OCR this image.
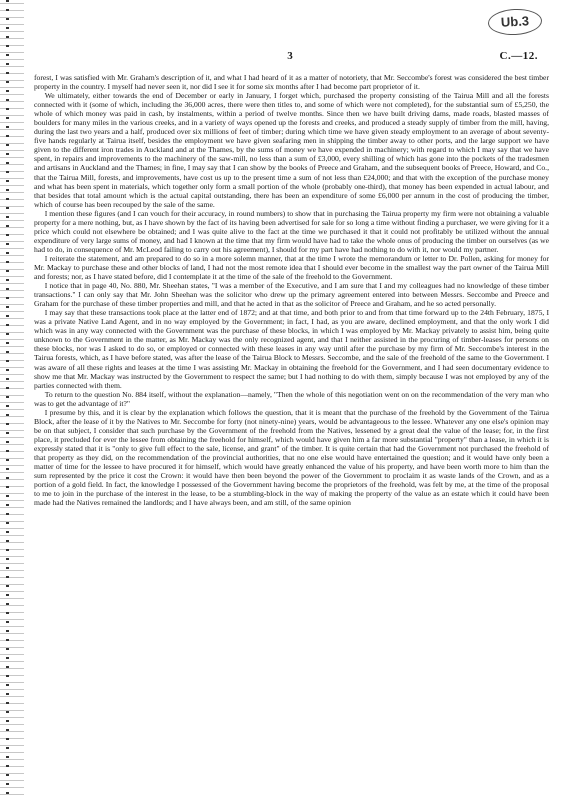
Ub.3
3	C.—12.

forest, I was satisfied with Mr. Graham's description of it, and what I had heard of it as a matter of notoriety, that Mr. Seccombe's forest was considered the best timber property in the country. I myself had never seen it, nor did I see it for some six months after I had become part proprietor of it.

We ultimately, either towards the end of December or early in January, I forget which, purchased the property consisting of the Tairua Mill and all the forests connected with it (some of which, including the 36,000 acres, there were then titles to, and some of which were not completed), for the substantial sum of £5,250, the whole of which money was paid in cash, by instalments, within a period of twelve months. Since then we have built driving dams, made roads, blasted masses of boulders for many miles in the various creeks, and in a variety of ways opened up the forests and creeks, and produced a steady supply of timber from the mill, having, during the last two years and a half, produced over six millions of feet of timber; during which time we have given steady employment to an average of about seventy-five hands regularly at Tairua itself, besides the employment we have given seafaring men in shipping the timber away to other ports, and the large support we have given to the different iron trades in Auckland and at the Thames, by the sums of money we have expended in machinery; with regard to which I may say that we have spent, in repairs and improvements to the machinery of the saw-mill, no less than a sum of £3,000, every shilling of which has gone into the pockets of the tradesmen and artisans in Auckland and the Thames; in fine, I may say that I can show by the books of Preece and Graham, and the subsequent books of Preece, Howard, and Co., that the Tairua Mill, forests, and improvements, have cost us up to the present time a sum of not less than £24,000; and that with the exception of the purchase money and what has been spent in materials, which together only form a small portion of the whole (probably one-third), that money has been expended in actual labour, and that besides that total amount which is the actual capital outstanding, there has been an expenditure of some £6,000 per annum in the cost of producing the timber, which of course has been recouped by the sale of the same.

I mention these figures (and I can vouch for their accuracy, in round numbers) to show that in purchasing the Tairua property my firm were not obtaining a valuable property for a mere nothing, but, as I have shown by the fact of its having been advertised for sale for so long a time without finding a purchaser, we were giving for it a price which could not elsewhere be obtained; and I was quite alive to the fact at the time we purchased it that it could not profitably be utilized without the annual expenditure of very large sums of money, and had I known at the time that my firm would have had to take the whole onus of producing the timber on ourselves (as we had to do, in consequence of Mr. McLeod failing to carry out his agreement), I should for my part have had nothing to do with it, nor would my partner.

I reiterate the statement, and am prepared to do so in a more solemn manner, that at the time I wrote the memorandum or letter to Dr. Pollen, asking for money for Mr. Mackay to purchase these and other blocks of land, I had not the most remote idea that I should ever become in the smallest way the part owner of the Tairua Mill and forests; nor, as I have stated before, did I contemplate it at the time of the sale of the freehold to the Government.

I notice that in page 40, No. 880, Mr. Sheehan states, "I was a member of the Executive, and I am sure that I and my colleagues had no knowledge of these timber transactions." I can only say that Mr. John Sheehan was the solicitor who drew up the primary agreement entered into between Messrs. Seccombe and Preece and Graham for the purchase of these timber properties and mill, and that he acted in that as the solicitor of Preece and Graham, and he so acted personally.

I may say that these transactions took place at the latter end of 1872; and at that time, and both prior to and from that time forward up to the 24th February, 1875, I was a private Native Land Agent, and in no way employed by the Government; in fact, I had, as you are aware, declined employment, and that the only work I did which was in any way connected with the Government was the purchase of these blocks, in which I was employed by Mr. Mackay privately to assist him, being quite unknown to the Government in the matter, as Mr. Mackay was the only recognized agent, and that I neither assisted in the procuring of timber-leases for persons on these blocks, nor was I asked to do so, or employed or connected with these leases in any way until after the purchase by my firm of Mr. Seccombe's interest in the Tairua forests, which, as I have before stated, was after the lease of the Tairua Block to Messrs. Seccombe, and the sale of the freehold of the same to the Government. I was aware of all these rights and leases at the time I was assisting Mr. Mackay in obtaining the freehold for the Government, and I had seen documentary evidence to show me that Mr. Mackay was instructed by the Government to respect the same; but I had nothing to do with them, simply because I was not employed by any of the parties connected with them.

To return to the question No. 884 itself, without the explanation—namely, "Then the whole of this negotiation went on on the recommendation of the very man who was to get the advantage of it?"

I presume by this, and it is clear by the explanation which follows the question, that it is meant that the purchase of the freehold by the Government of the Tairua Block, after the lease of it by the Natives to Mr. Seccombe for forty (not ninety-nine) years, would be advantageous to the lessee. Whatever any one else's opinion may be on that subject, I consider that such purchase by the Government of the freehold from the Natives, lessened by a great deal the value of the lease; for, in the first place, it precluded for ever the lessee from obtaining the freehold for himself, which would have given him a far more substantial "property" than a lease, in which it is expressly stated that it is "only to give full effect to the sale, license, and grant" of the timber. It is quite certain that had the Government not purchased the freehold of that property as they did, on the recommendation of the provincial authorities, that no one else would have entertained the question; and it would have only been a matter of time for the lessee to have procured it for himself, which would have greatly enhanced the value of his property, and have been worth more to him than the sum represented by the price it cost the Crown: it would have then been beyond the power of the Government to proclaim it as waste lands of the Crown, and as a portion of a gold field. In fact, the knowledge I possessed of the Government having become the proprietors of the freehold, was felt by me, at the time of the proposal to me to join in the purchase of the interest in the lease, to be a stumbling-block in the way of making the property of the value as an estate which it could have been made had the Natives remained the landlords; and I have always been, and am still, of the same opinion
